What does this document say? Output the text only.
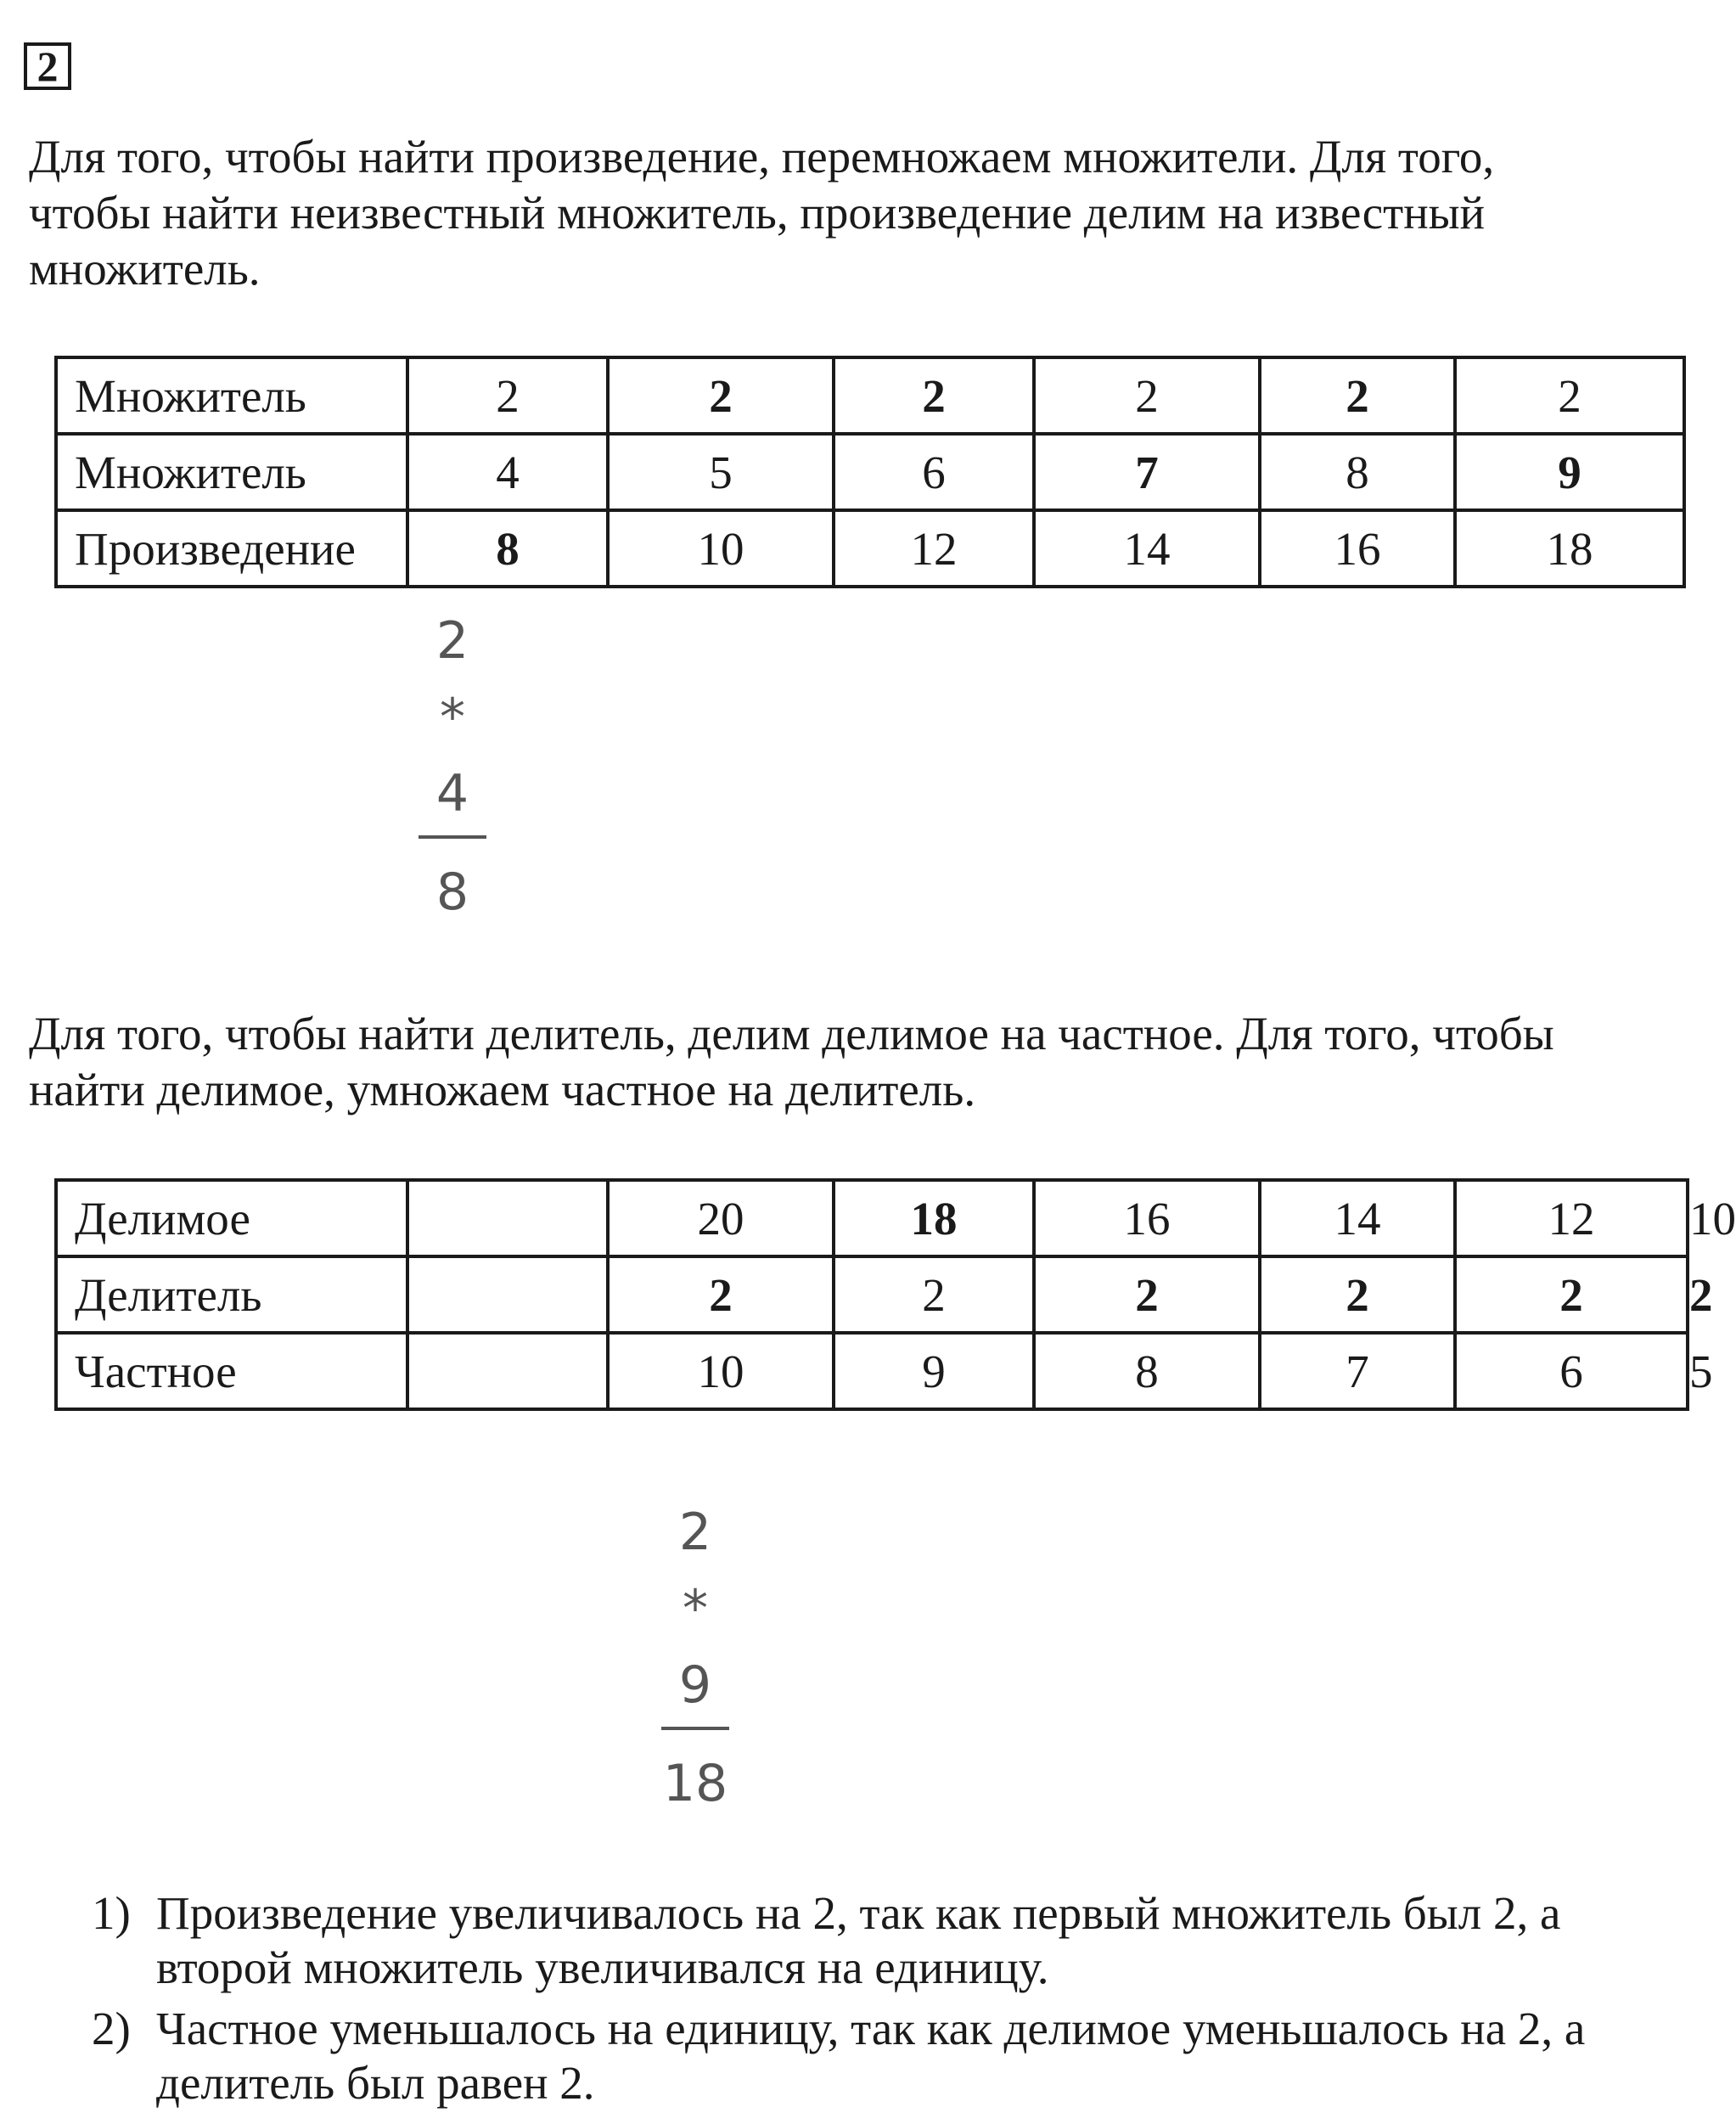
2
Для того, чтобы найти произведение, перемножаем множители. Для того,
чтобы найти неизвестный множитель, произведение делим на известный
множитель.
Множитель	2	2	2	2	2	2
Множитель	4	5	6	7	8	9
Произведение	8	10	12	14	16	18
2
*
4
8
Для того, чтобы найти делитель, делим делимое на частное. Для того, чтобы
найти делимое, умножаем частное на делитель.
Делимое		20	18	16	14	12	10
Делитель		2	2	2	2	2	2
Частное		10	9	8	7	6	5
2
*
9
18
1) Произведение увеличивалось на 2, так как первый множитель был 2, а второй множитель увеличивался на единицу.
2) Частное уменьшалось на единицу, так как делимое уменьшалось на 2, а делитель был равен 2.
